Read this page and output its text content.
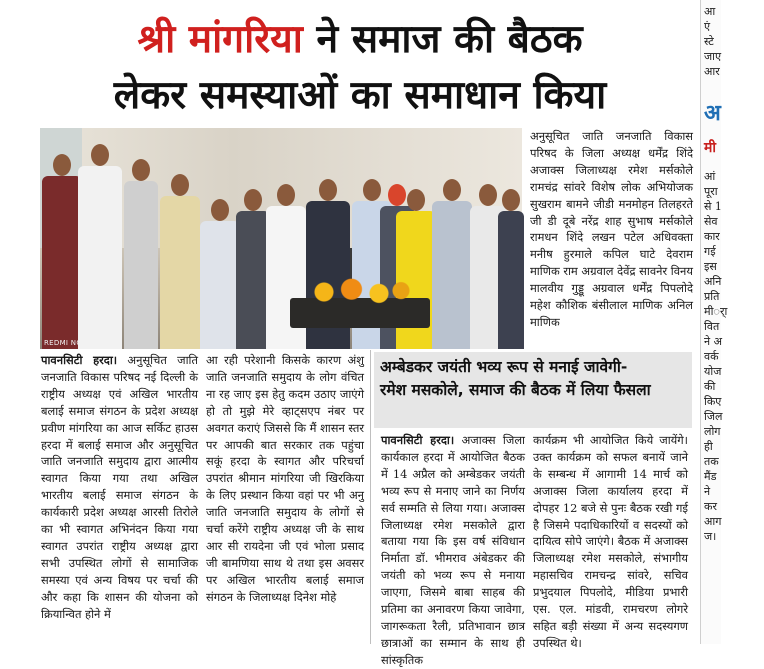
श्री मांगरिया ने समाज की बैठक
लेकर समस्याओं का समाधान किया
REDMI NOTE 9 PRO

अनुसूचित जाति जनजाति विकास परिषद के जिला अध्यक्ष धर्मेंद्र शिंदे अजाक्स जिलाध्यक्ष रमेश मर्सकोले रामचंद्र सांवरे विशेष लोक अभियोजक सुखराम बामने जीडी मनमोहन तिलहरते जी डी दूबे नरेंद्र शाह सुभाष मर्सकोले रामधन शिंदे लखन पटेल अधिवक्ता मनीष हुरमाले कपिल घाटे देवराम माणिक राम अग्रवाल देवेंद्र सावनेर विनय मालवीय गुड्डू अग्रवाल धर्मेंद्र पिपलोदे महेश कौशिक बंसीलाल माणिक अनिल माणिक

पावनसिटी हरदा। अनुसूचित जाति जनजाति विकास परिषद नई दिल्ली के राष्ट्रीय अध्यक्ष एवं अखिल भारतीय बलाई समाज संगठन के प्रदेश अध्यक्ष प्रवीण मांगरिया का आज सर्किट हाउस हरदा में बलाई समाज और अनुसूचित जाति जनजाति समुदाय द्वारा आत्मीय स्वागत किया गया तथा अखिल भारतीय बलाई समाज संगठन के कार्यकारी प्रदेश अध्यक्ष आरसी तिरोले का भी स्वागत अभिनंदन किया गया स्वागत उपरांत राष्ट्रीय अध्यक्ष द्वारा सभी उपस्थित लोगों से सामाजिक समस्या एवं अन्य विषय पर चर्चा की और कहा कि शासन की योजना को क्रियान्वित होने में

आ रही परेशानी किसके कारण अंशु जाति जनजाति समुदाय के लोग वंचित ना रह जाए इस हेतु कदम उठाए जाएंगे हो तो मुझे मेरे व्हाट्सएप नंबर पर अवगत कराएं जिससे कि मैं शासन स्तर पर आपकी बात सरकार तक पहुंचा सकूं हरदा के स्वागत और परिचर्चा उपरांत श्रीमान मांगरिया जी खिरकिया के लिए प्रस्थान किया वहां पर भी अनु जाति जनजाति समुदाय के लोगों से चर्चा करेंगे राष्ट्रीय अध्यक्ष जी के साथ आर सी रायदेना जी एवं भोला प्रसाद जी बामणिया साथ थे तथा इस अवसर पर अखिल भारतीय बलाई समाज संगठन के जिलाध्यक्ष दिनेश मोहे

अम्बेडकर जयंती भव्य रूप से मनाई जावेगी-
रमेश मसकोले, समाज की बैठक में लिया फैसला

पावनसिटी हरदा। अजाक्स जिला कार्यकाल हरदा में आयोजित बैठक में 14 अप्रैल को अम्बेडकर जयंती भव्य रूप से मनाए जाने का निर्णय सर्व सम्मति से लिया गया। अजाक्स जिलाध्यक्ष रमेश मसकोले द्वारा बताया गया कि इस वर्ष संविधान निर्माता डॉ. भीमराव अंबेडकर की जयंती को भव्य रूप से मनाया जाएगा, जिसमे बाबा साहब की प्रतिमा का अनावरण किया जावेगा, जागरूकता रैली, प्रतिभावान छात्र छात्राओं का सम्मान के साथ ही सांस्कृतिक

कार्यक्रम भी आयोजित किये जायेंगे। उक्त कार्यक्रम को सफल बनायें जाने के सम्बन्ध में आगामी 14 मार्च को अजाक्स जिला कार्यालय हरदा में दोपहर 12 बजे से पुनः बैठक रखी गई है जिसमे पदाधिकारियों व सदस्यों को दायित्व सोपे जाएंगे। बैठक में अजाक्स जिलाध्यक्ष रमेश मसकोले, संभागीय महासचिव रामचन्द्र सांवरे, सचिव प्रभुदयाल पिपलोदे, मीडिया प्रभारी एस. एल. मांडवी, रामचरण लोगरे सहित बड़ी संख्या में अन्य सदस्यगण उपस्थित थे।

आ
एं
स्टे
जाए
आर
अ
मी
आं
पूरा
से 1
सेव
कार
गई
इस
अनि
प्रति
मीर्ा
वित
ने अ
वर्क
योज
की
किए
जिल
लोग
ही
तक
मैंड
ने
कर
आग
ज।
